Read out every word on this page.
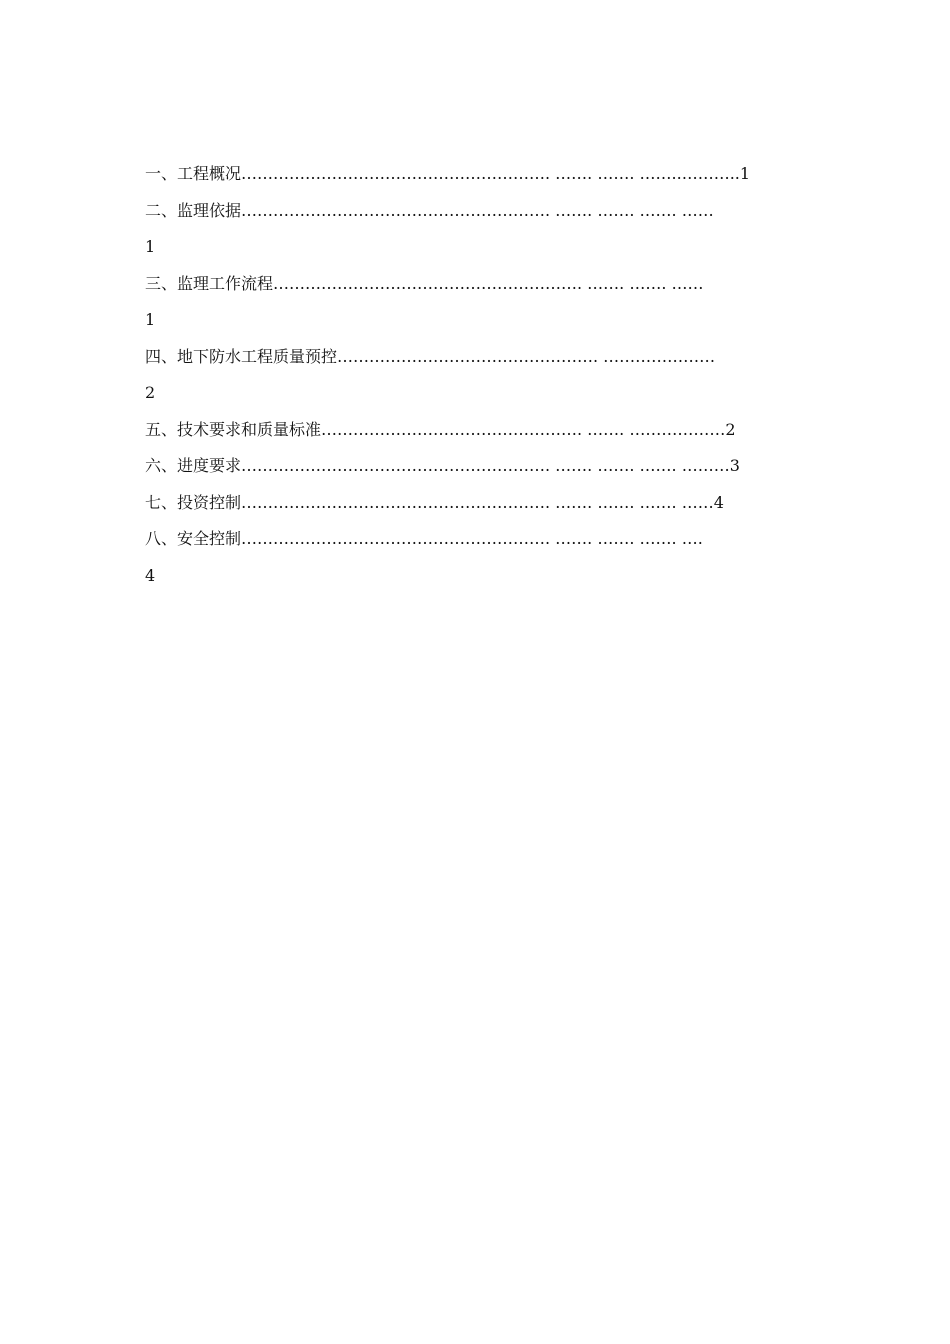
一、工程概况…………………………………………………. ……. ……. ……..………..1
二、监理依据…………………………………………………. ……. ……. ……. ……
1
三、监理工作流程…………………………………………………. ……. ……. ……
1
四、地下防水工程质量预控…………………………………………. …………………
2
五、技术要求和质量标准…………………………………………. ……. ………………2
六、进度要求…………………………………………………. ……. ……. ……. ………3
七、投资控制…………………………………………………. ……. ……. ……. ……4
八、安全控制…………………………………………………. ……. ……. ……. ….
4
